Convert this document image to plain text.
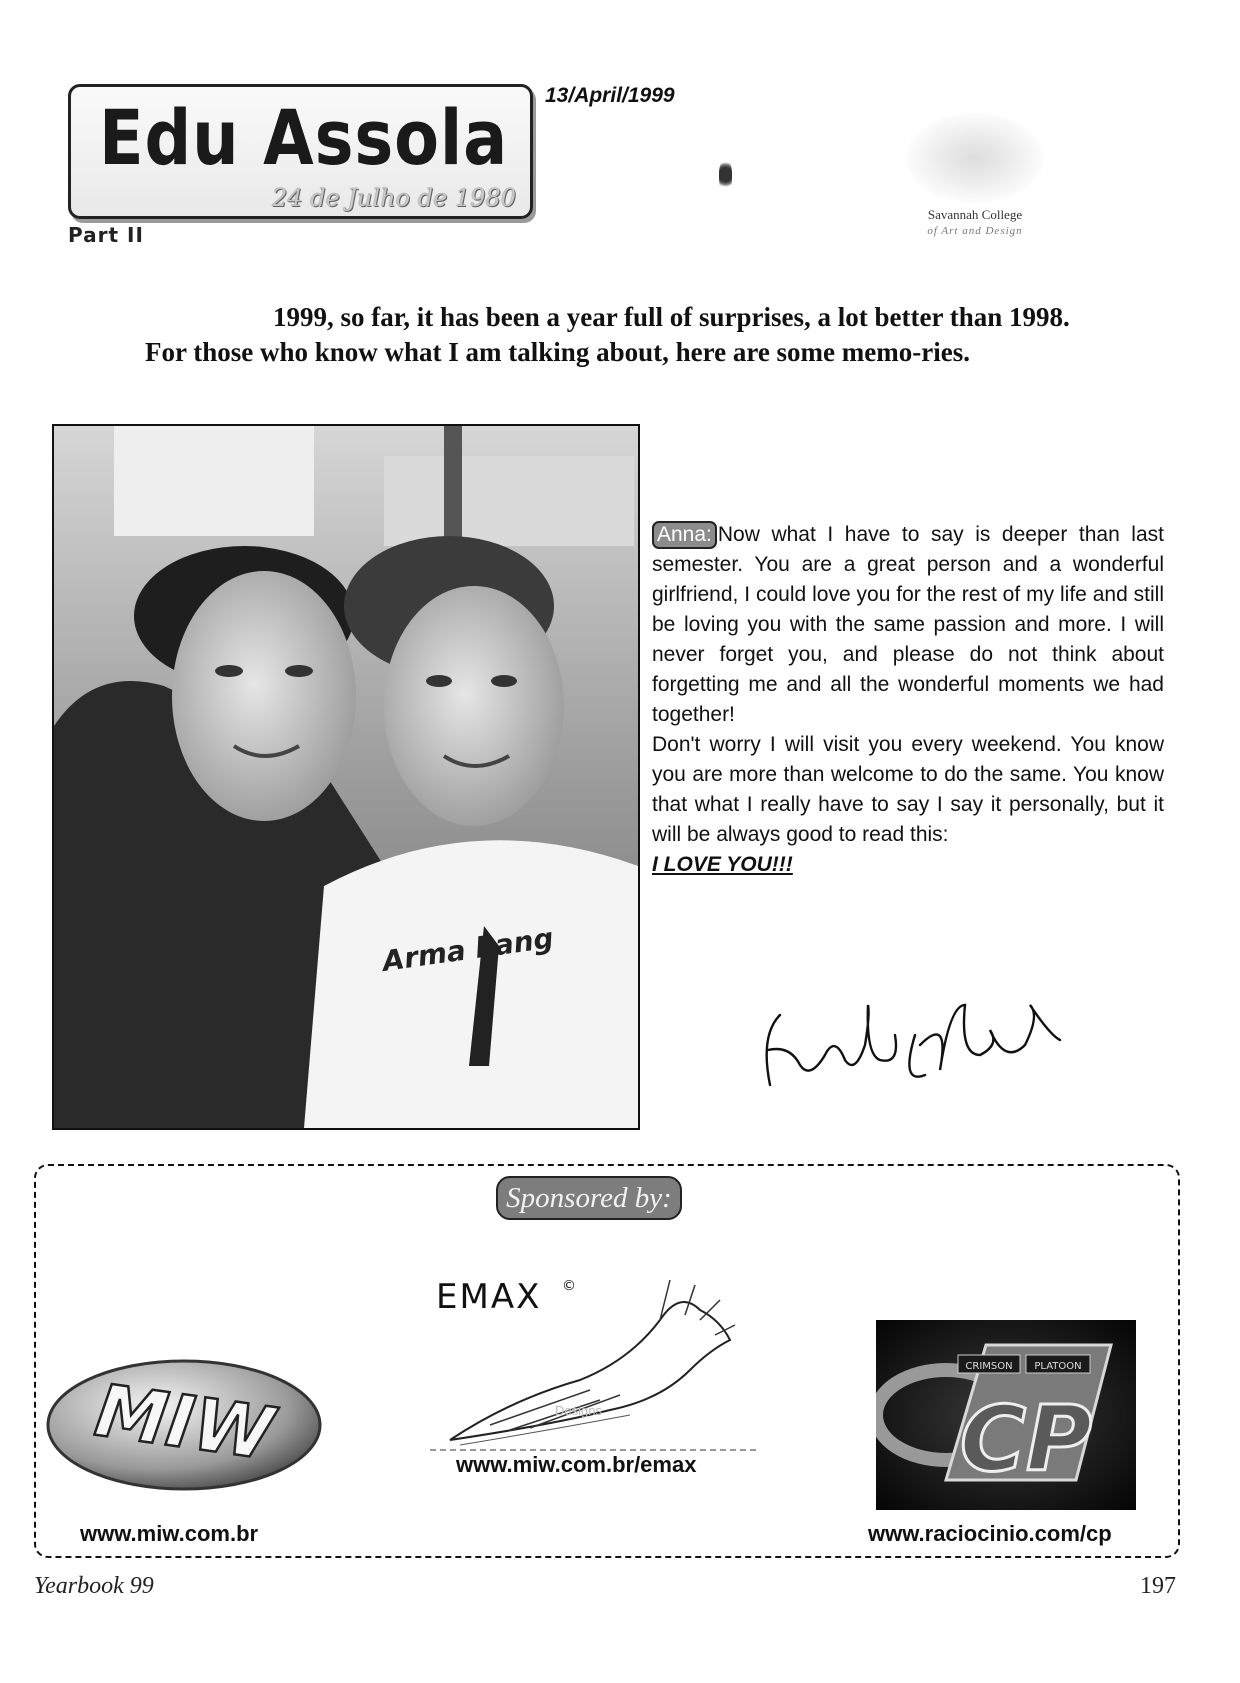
Edu Assola
24 de Julho de 1980
Part II
13/April/1999
Savannah College
of Art and Design
1999, so far, it has been a year full of surprises, a lot better than 1998. For those who know what I am talking about, here are some memo-ries.
Arma hang
Anna: Now what I have to say is deeper than last semester. You are a great person and a wonderful girlfriend, I could love you for the rest of my life and still be loving you with the same passion and more. I will never forget you, and please do not think about forgetting me and all the wonderful moments we had together!
Don't worry I will visit you every weekend. You know you are more than welcome to do the same. You know that what I really have to say I say it personally, but it will be always good to read this:
I LOVE YOU!!!
Sponsored by:
MIW
www.miw.com.br
EMAX ©
Designs
www.miw.com.br/emax
CRIMSON PLATOON
CP
www.raciocinio.com/cp
Yearbook 99	197
